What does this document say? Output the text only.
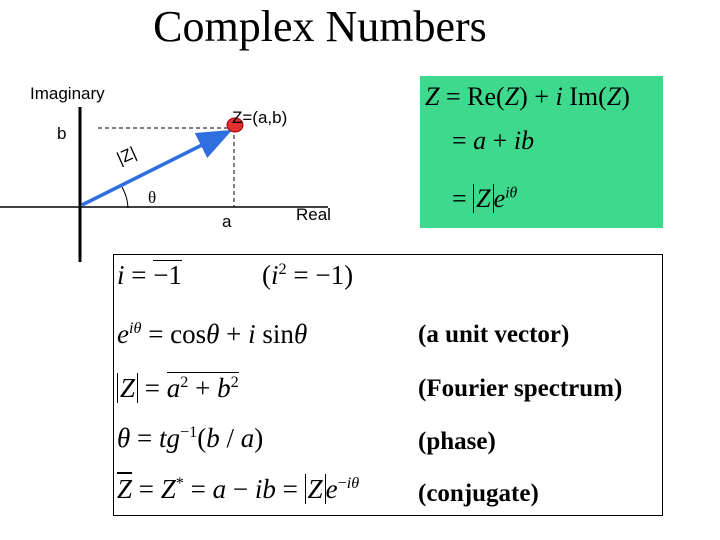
Complex Numbers
Imaginary
b
Z=(a,b)
|Z|
θ
a	Real
Z = Re(Z) + i Im(Z)
= a + ib
= Z $e^{i\theta}$
i = −1	$(i^2 = -1)$
$e^{i\theta} = \cos\theta + i$ sinθ	(a unit vector)
$Z = a^2 + b^2$	(Fourier spectrum)
$\theta = tg^{-1}(b / a)$	(phase)
$\overline{Z} = Z^* = a$ − ib = Z $e^{-i\theta}$ (conjugate)
